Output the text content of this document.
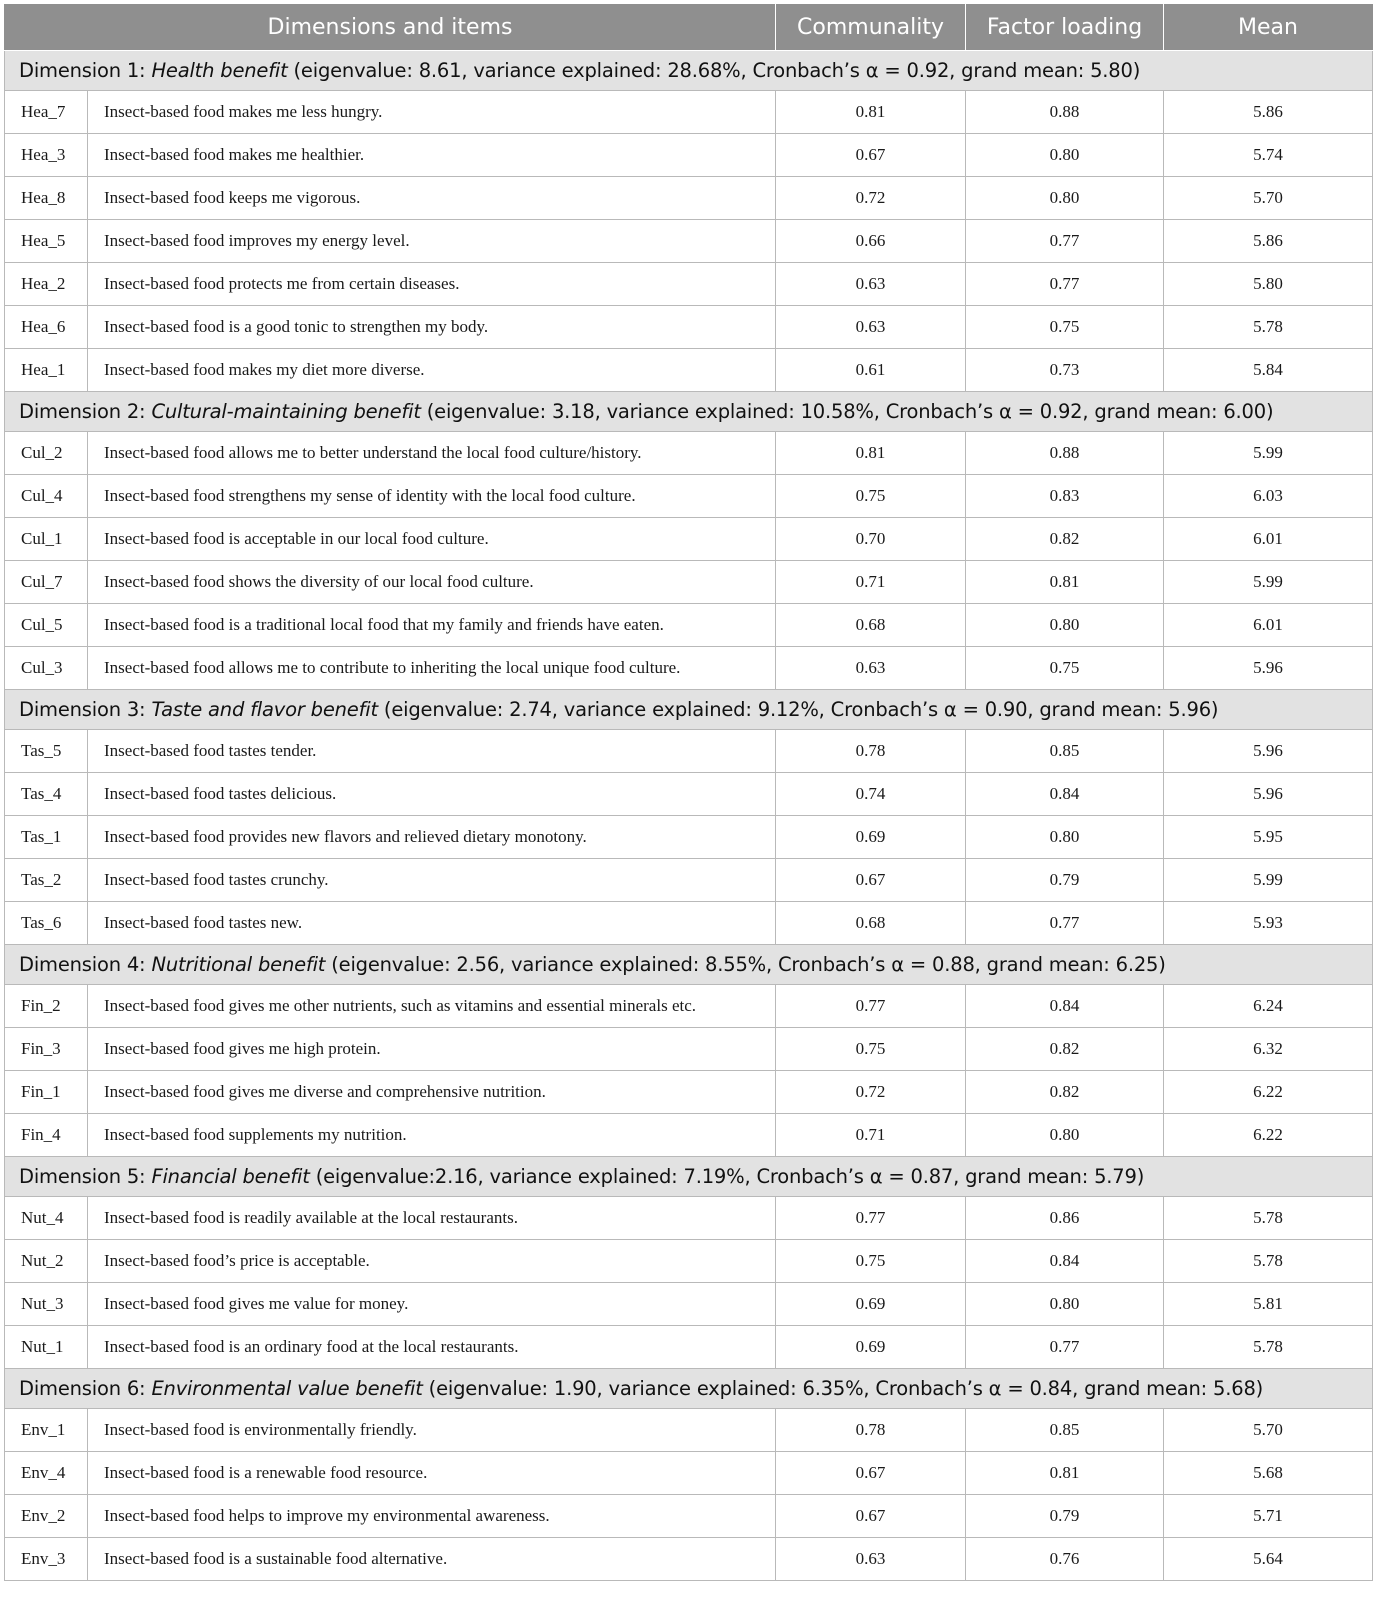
Dimensions and items		Communality	Factor loading	Mean
Dimension 1: Health benefit (eigenvalue: 8.61, variance explained: 28.68%, Cronbach’s α = 0.92, grand mean: 5.80)				
Hea_7	Insect-based food makes me less hungry.	0.81	0.88	5.86
Hea_3	Insect-based food makes me healthier.	0.67	0.80	5.74
Hea_8	Insect-based food keeps me vigorous.	0.72	0.80	5.70
Hea_5	Insect-based food improves my energy level.	0.66	0.77	5.86
Hea_2	Insect-based food protects me from certain diseases.	0.63	0.77	5.80
Hea_6	Insect-based food is a good tonic to strengthen my body.	0.63	0.75	5.78
Hea_1	Insect-based food makes my diet more diverse.	0.61	0.73	5.84
Dimension 2: Cultural-maintaining benefit (eigenvalue: 3.18, variance explained: 10.58%, Cronbach’s α = 0.92, grand mean: 6.00)				
Cul_2	Insect-based food allows me to better understand the local food culture/history.	0.81	0.88	5.99
Cul_4	Insect-based food strengthens my sense of identity with the local food culture.	0.75	0.83	6.03
Cul_1	Insect-based food is acceptable in our local food culture.	0.70	0.82	6.01
Cul_7	Insect-based food shows the diversity of our local food culture.	0.71	0.81	5.99
Cul_5	Insect-based food is a traditional local food that my family and friends have eaten.	0.68	0.80	6.01
Cul_3	Insect-based food allows me to contribute to inheriting the local unique food culture.	0.63	0.75	5.96
Dimension 3: Taste and flavor benefit (eigenvalue: 2.74, variance explained: 9.12%, Cronbach’s α = 0.90, grand mean: 5.96)				
Tas_5	Insect-based food tastes tender.	0.78	0.85	5.96
Tas_4	Insect-based food tastes delicious.	0.74	0.84	5.96
Tas_1	Insect-based food provides new flavors and relieved dietary monotony.	0.69	0.80	5.95
Tas_2	Insect-based food tastes crunchy.	0.67	0.79	5.99
Tas_6	Insect-based food tastes new.	0.68	0.77	5.93
Dimension 4: Nutritional benefit (eigenvalue: 2.56, variance explained: 8.55%, Cronbach’s α = 0.88, grand mean: 6.25)				
Fin_2	Insect-based food gives me other nutrients, such as vitamins and essential minerals etc.	0.77	0.84	6.24
Fin_3	Insect-based food gives me high protein.	0.75	0.82	6.32
Fin_1	Insect-based food gives me diverse and comprehensive nutrition.	0.72	0.82	6.22
Fin_4	Insect-based food supplements my nutrition.	0.71	0.80	6.22
Dimension 5: Financial benefit (eigenvalue:2.16, variance explained: 7.19%, Cronbach’s α = 0.87, grand mean: 5.79)				
Nut_4	Insect-based food is readily available at the local restaurants.	0.77	0.86	5.78
Nut_2	Insect-based food’s price is acceptable.	0.75	0.84	5.78
Nut_3	Insect-based food gives me value for money.	0.69	0.80	5.81
Nut_1	Insect-based food is an ordinary food at the local restaurants.	0.69	0.77	5.78
Dimension 6: Environmental value benefit (eigenvalue: 1.90, variance explained: 6.35%, Cronbach’s α = 0.84, grand mean: 5.68)				
Env_1	Insect-based food is environmentally friendly.	0.78	0.85	5.70
Env_4	Insect-based food is a renewable food resource.	0.67	0.81	5.68
Env_2	Insect-based food helps to improve my environmental awareness.	0.67	0.79	5.71
Env_3	Insect-based food is a sustainable food alternative.	0.63	0.76	5.64
